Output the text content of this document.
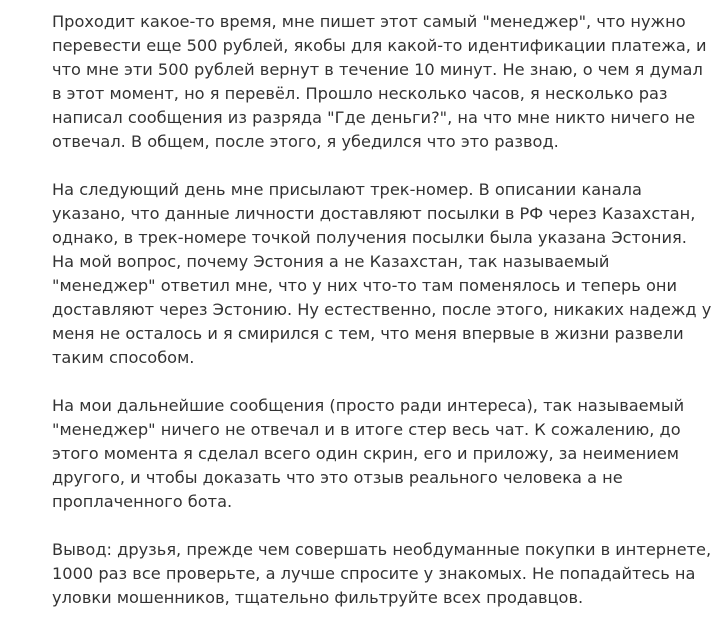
Проходит какое-то время, мне пишет этот самый "менеджер", что нужно
перевести еще 500 рублей, якобы для какой-то идентификации платежа, и
что мне эти 500 рублей вернут в течение 10 минут. Не знаю, о чем я думал
в этот момент, но я перевёл. Прошло несколько часов, я несколько раз
написал сообщения из разряда "Где деньги?", на что мне никто ничего не
отвечал. В общем, после этого, я убедился что это развод.

На следующий день мне присылают трек-номер. В описании канала
указано, что данные личности доставляют посылки в РФ через Казахстан,
однако, в трек-номере точкой получения посылки была указана Эстония.
На мой вопрос, почему Эстония а не Казахстан, так называемый
"менеджер" ответил мне, что у них что-то там поменялось и теперь они
доставляют через Эстонию. Ну естественно, после этого, никаких надежд у
меня не осталось и я смирился с тем, что меня впервые в жизни развели
таким способом.

На мои дальнейшие сообщения (просто ради интереса), так называемый
"менеджер" ничего не отвечал и в итоге стер весь чат. К сожалению, до
этого момента я сделал всего один скрин, его и приложу, за неимением
другого, и чтобы доказать что это отзыв реального человека а не
проплаченного бота.

Вывод: друзья, прежде чем совершать необдуманные покупки в интернете,
1000 раз все проверьте, а лучше спросите у знакомых. Не попадайтесь на
уловки мошенников, тщательно фильтруйте всех продавцов.
